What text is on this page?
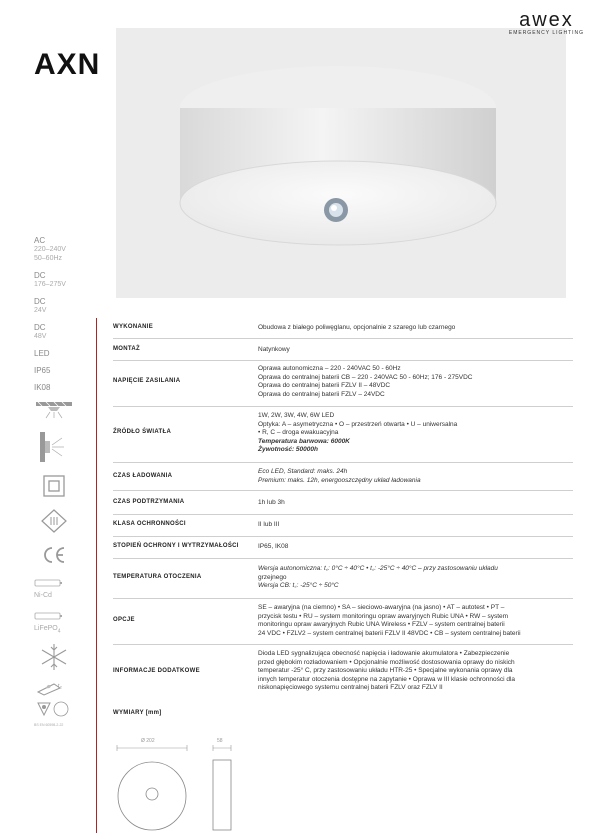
AXN
awex
EMERGENCY LIGHTING
AC
220–240V
50–60Hz
DC
176–275V
DC
24V
DC
48V
LED
IP65
IK08
Ni-Cd
LiFePO$_4$
t₂
BS EN 60598-2-22
WYKONANIE	Obudowa z białego poliwęglanu, opcjonalnie z szarego lub czarnego
MONTAŻ	Natynkowy
NAPIĘCIE ZASILANIA
Oprawa autonomiczna – 220 - 240VAC 50 - 60Hz
Oprawa do centralnej baterii CB – 220 - 240VAC 50 - 60Hz; 176 - 275VDC
Oprawa do centralnej baterii FZLV II – 48VDC
Oprawa do centralnej baterii FZLV – 24VDC
ŹRÓDŁO ŚWIATŁA
1W, 2W, 3W, 4W, 6W LED
Optyka: A – asymetryczna • O – przestrzeń otwarta • U – uniwersalna
• R, C – droga ewakuacyjna
Temperatura barwowa: 6000K
Żywotność: 50000h
CZAS ŁADOWANIA
Eco LED, Standard: maks. 24h
Premium: maks. 12h, energooszczędny układ ładowania
CZAS PODTRZYMANIA	1h lub 3h
KLASA OCHRONNOŚCI	II lub III
STOPIEŃ OCHRONY I WYTRZYMAŁOŚCI	IP65, IK08
TEMPERATURA OTOCZENIA
Wersja autonomiczna: t꜀: 0°C ÷ 40°C • t꜀: -25°C ÷ 40°C – przy zastosowaniu układu
grzejnego
Wersja CB: t꜀: -25°C ÷ 50°C
OPCJE
SE – awaryjna (na ciemno) • SA – sieciowo-awaryjna (na jasno) • AT – autotest • PT –
przycisk testu • RU – system monitoringu opraw awaryjnych Rubic UNA • RW – system
monitoringu opraw awaryjnych Rubic UNA Wireless • FZLV – system centralnej baterii
24 VDC • FZLV2 – system centralnej baterii FZLV II 48VDC • CB – system centralnej baterii
INFORMACJE DODATKOWE
Dioda LED sygnalizująca obecność napięcia i ładowanie akumulatora • Zabezpieczenie
przed głębokim rozładowaniem • Opcjonalnie możliwość dostosowania oprawy do niskich
temperatur -25° C, przy zastosowaniu układu HTR-25 • Specjalne wykonania oprawy dla
innych temperatur otoczenia dostępne na zapytanie • Oprawa w III klasie ochronności dla
niskonapięciowego systemu centralnej baterii FZLV oraz FZLV II
WYMIARY [mm]
Ø 202	58
